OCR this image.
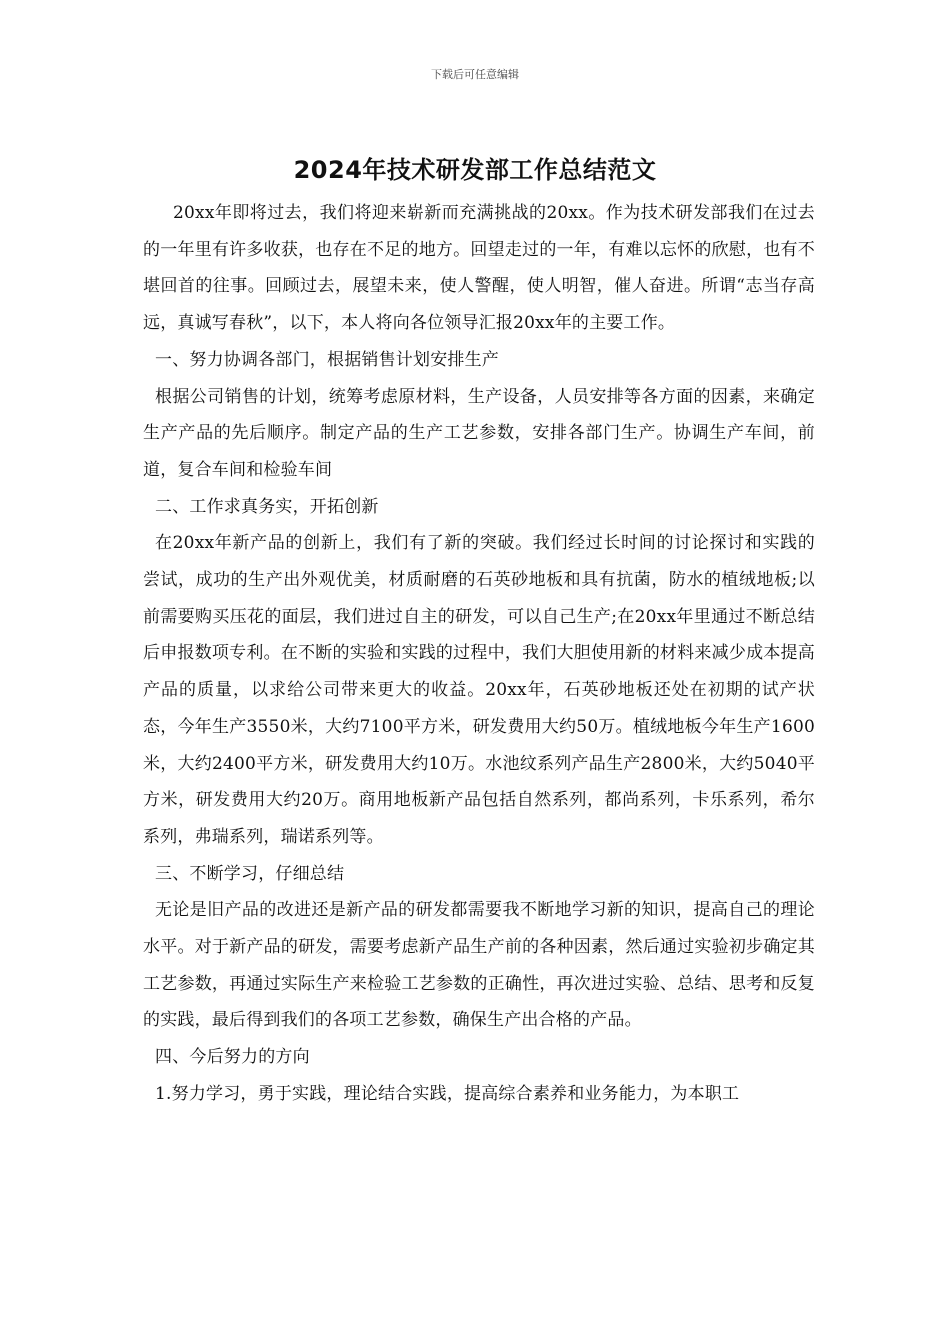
下载后可任意编辑
2024年技术研发部工作总结范文

20xx年即将过去，我们将迎来崭新而充满挑战的20xx。作为技术研发部我们在过去的一年里有许多收获，也存在不足的地方。回望走过的一年，有难以忘怀的欣慰，也有不堪回首的往事。回顾过去，展望未来，使人警醒，使人明智，催人奋进。所谓“志当存高远，真诚写春秋”，以下，本人将向各位领导汇报20xx年的主要工作。

一、努力协调各部门，根据销售计划安排生产

根据公司销售的计划，统筹考虑原材料，生产设备，人员安排等各方面的因素，来确定生产产品的先后顺序。制定产品的生产工艺参数，安排各部门生产。协调生产车间，前道，复合车间和检验车间

二、工作求真务实，开拓创新

在20xx年新产品的创新上，我们有了新的突破。我们经过长时间的讨论探讨和实践的尝试，成功的生产出外观优美，材质耐磨的石英砂地板和具有抗菌，防水的植绒地板;以前需要购买压花的面层，我们进过自主的研发，可以自己生产;在20xx年里通过不断总结后申报数项专利。在不断的实验和实践的过程中，我们大胆使用新的材料来减少成本提高产品的质量，以求给公司带来更大的收益。20xx年，石英砂地板还处在初期的试产状态，今年生产3550米，大约7100平方米，研发费用大约50万。植绒地板今年生产1600米，大约2400平方米，研发费用大约10万。水池纹系列产品生产2800米，大约5040平方米，研发费用大约20万。商用地板新产品包括自然系列，都尚系列，卡乐系列，希尔系列，弗瑞系列，瑞诺系列等。

三、不断学习，仔细总结

无论是旧产品的改进还是新产品的研发都需要我不断地学习新的知识，提高自己的理论水平。对于新产品的研发，需要考虑新产品生产前的各种因素，然后通过实验初步确定其工艺参数，再通过实际生产来检验工艺参数的正确性，再次进过实验、总结、思考和反复的实践，最后得到我们的各项工艺参数，确保生产出合格的产品。

四、今后努力的方向

1.努力学习，勇于实践，理论结合实践，提高综合素养和业务能力，为本职工
